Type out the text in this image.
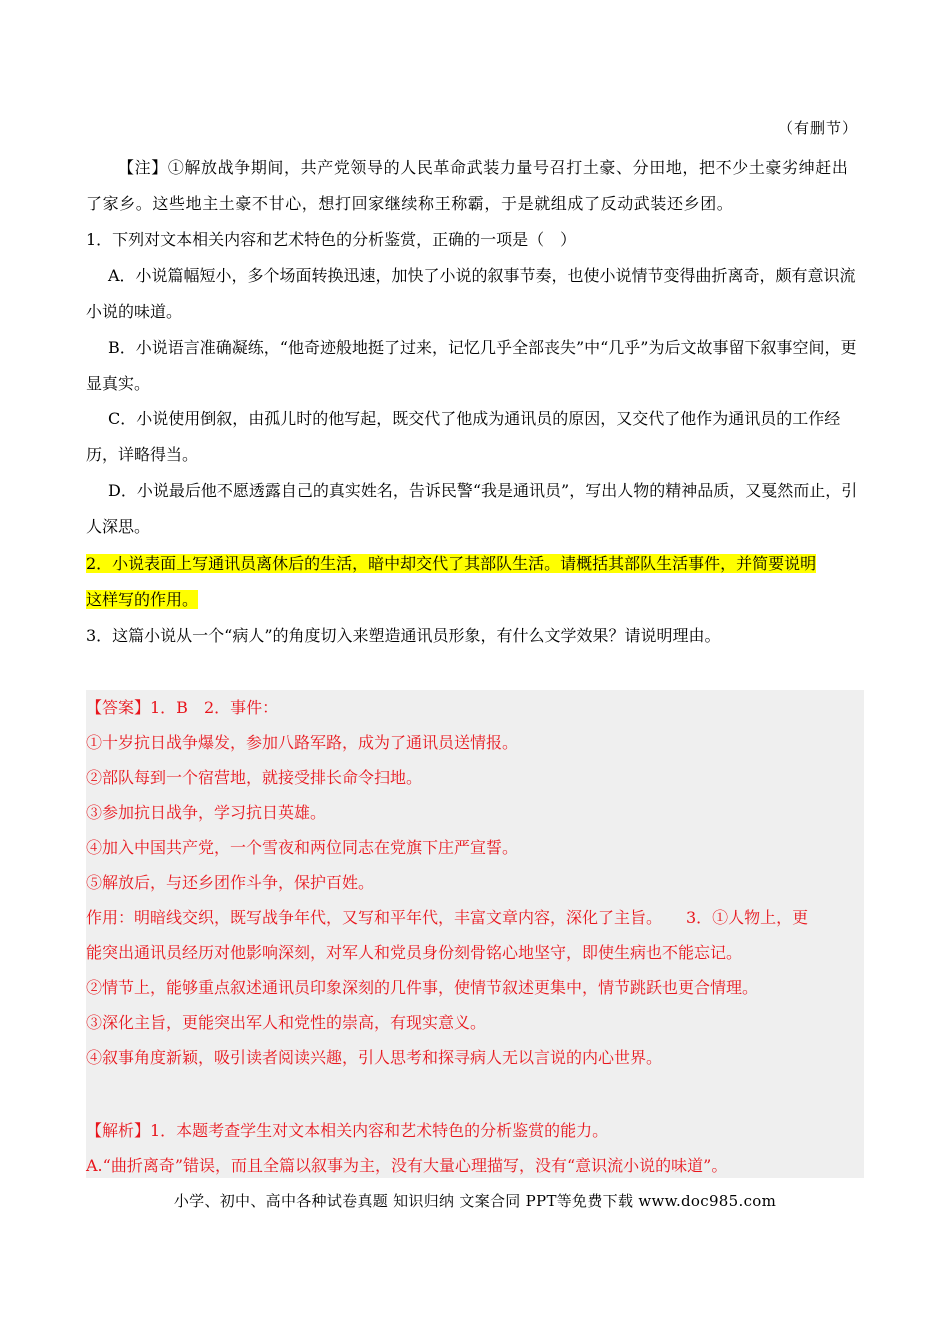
（有删节）
【注】①解放战争期间，共产党领导的人民革命武装力量号召打土豪、分田地，把不少土豪劣绅赶出了家乡。这些地主土豪不甘心，想打回家继续称王称霸，于是就组成了反动武装还乡团。
1．下列对文本相关内容和艺术特色的分析鉴赏，正确的一项是（　）
A．小说篇幅短小，多个场面转换迅速，加快了小说的叙事节奏，也使小说情节变得曲折离奇，颇有意识流小说的味道。
B．小说语言准确凝练，“他奇迹般地挺了过来，记忆几乎全部丧失”中“几乎”为后文故事留下叙事空间，更显真实。
C．小说使用倒叙，由孤儿时的他写起，既交代了他成为通讯员的原因，又交代了他作为通讯员的工作经历，详略得当。
D．小说最后他不愿透露自己的真实姓名，告诉民警“我是通讯员”，写出人物的精神品质，又戛然而止，引人深思。
2．小说表面上写通讯员离休后的生活，暗中却交代了其部队生活。请概括其部队生活事件，并简要说明
这样写的作用。
3．这篇小说从一个“病人”的角度切入来塑造通讯员形象，有什么文学效果？请说明理由。
【答案】1．B　2．事件：
①十岁抗日战争爆发，参加八路军路，成为了通讯员送情报。
②部队每到一个宿营地，就接受排长命令扫地。
③参加抗日战争，学习抗日英雄。
④加入中国共产党，一个雪夜和两位同志在党旗下庄严宣誓。
⑤解放后，与还乡团作斗争，保护百姓。
作用：明暗线交织，既写战争年代，又写和平年代，丰富文章内容，深化了主旨。　　3．①人物上，更
能突出通讯员经历对他影响深刻，对军人和党员身份刻骨铭心地坚守，即使生病也不能忘记。
②情节上，能够重点叙述通讯员印象深刻的几件事，使情节叙述更集中，情节跳跃也更合情理。
③深化主旨，更能突出军人和党性的崇高，有现实意义。
④叙事角度新颖，吸引读者阅读兴趣，引人思考和探寻病人无以言说的内心世界。
【解析】1．本题考查学生对文本相关内容和艺术特色的分析鉴赏的能力。
A.“曲折离奇”错误，而且全篇以叙事为主，没有大量心理描写，没有“意识流小说的味道”。
小学、初中、高中各种试卷真题 知识归纳 文案合同 PPT等免费下载 www.doc985.com
